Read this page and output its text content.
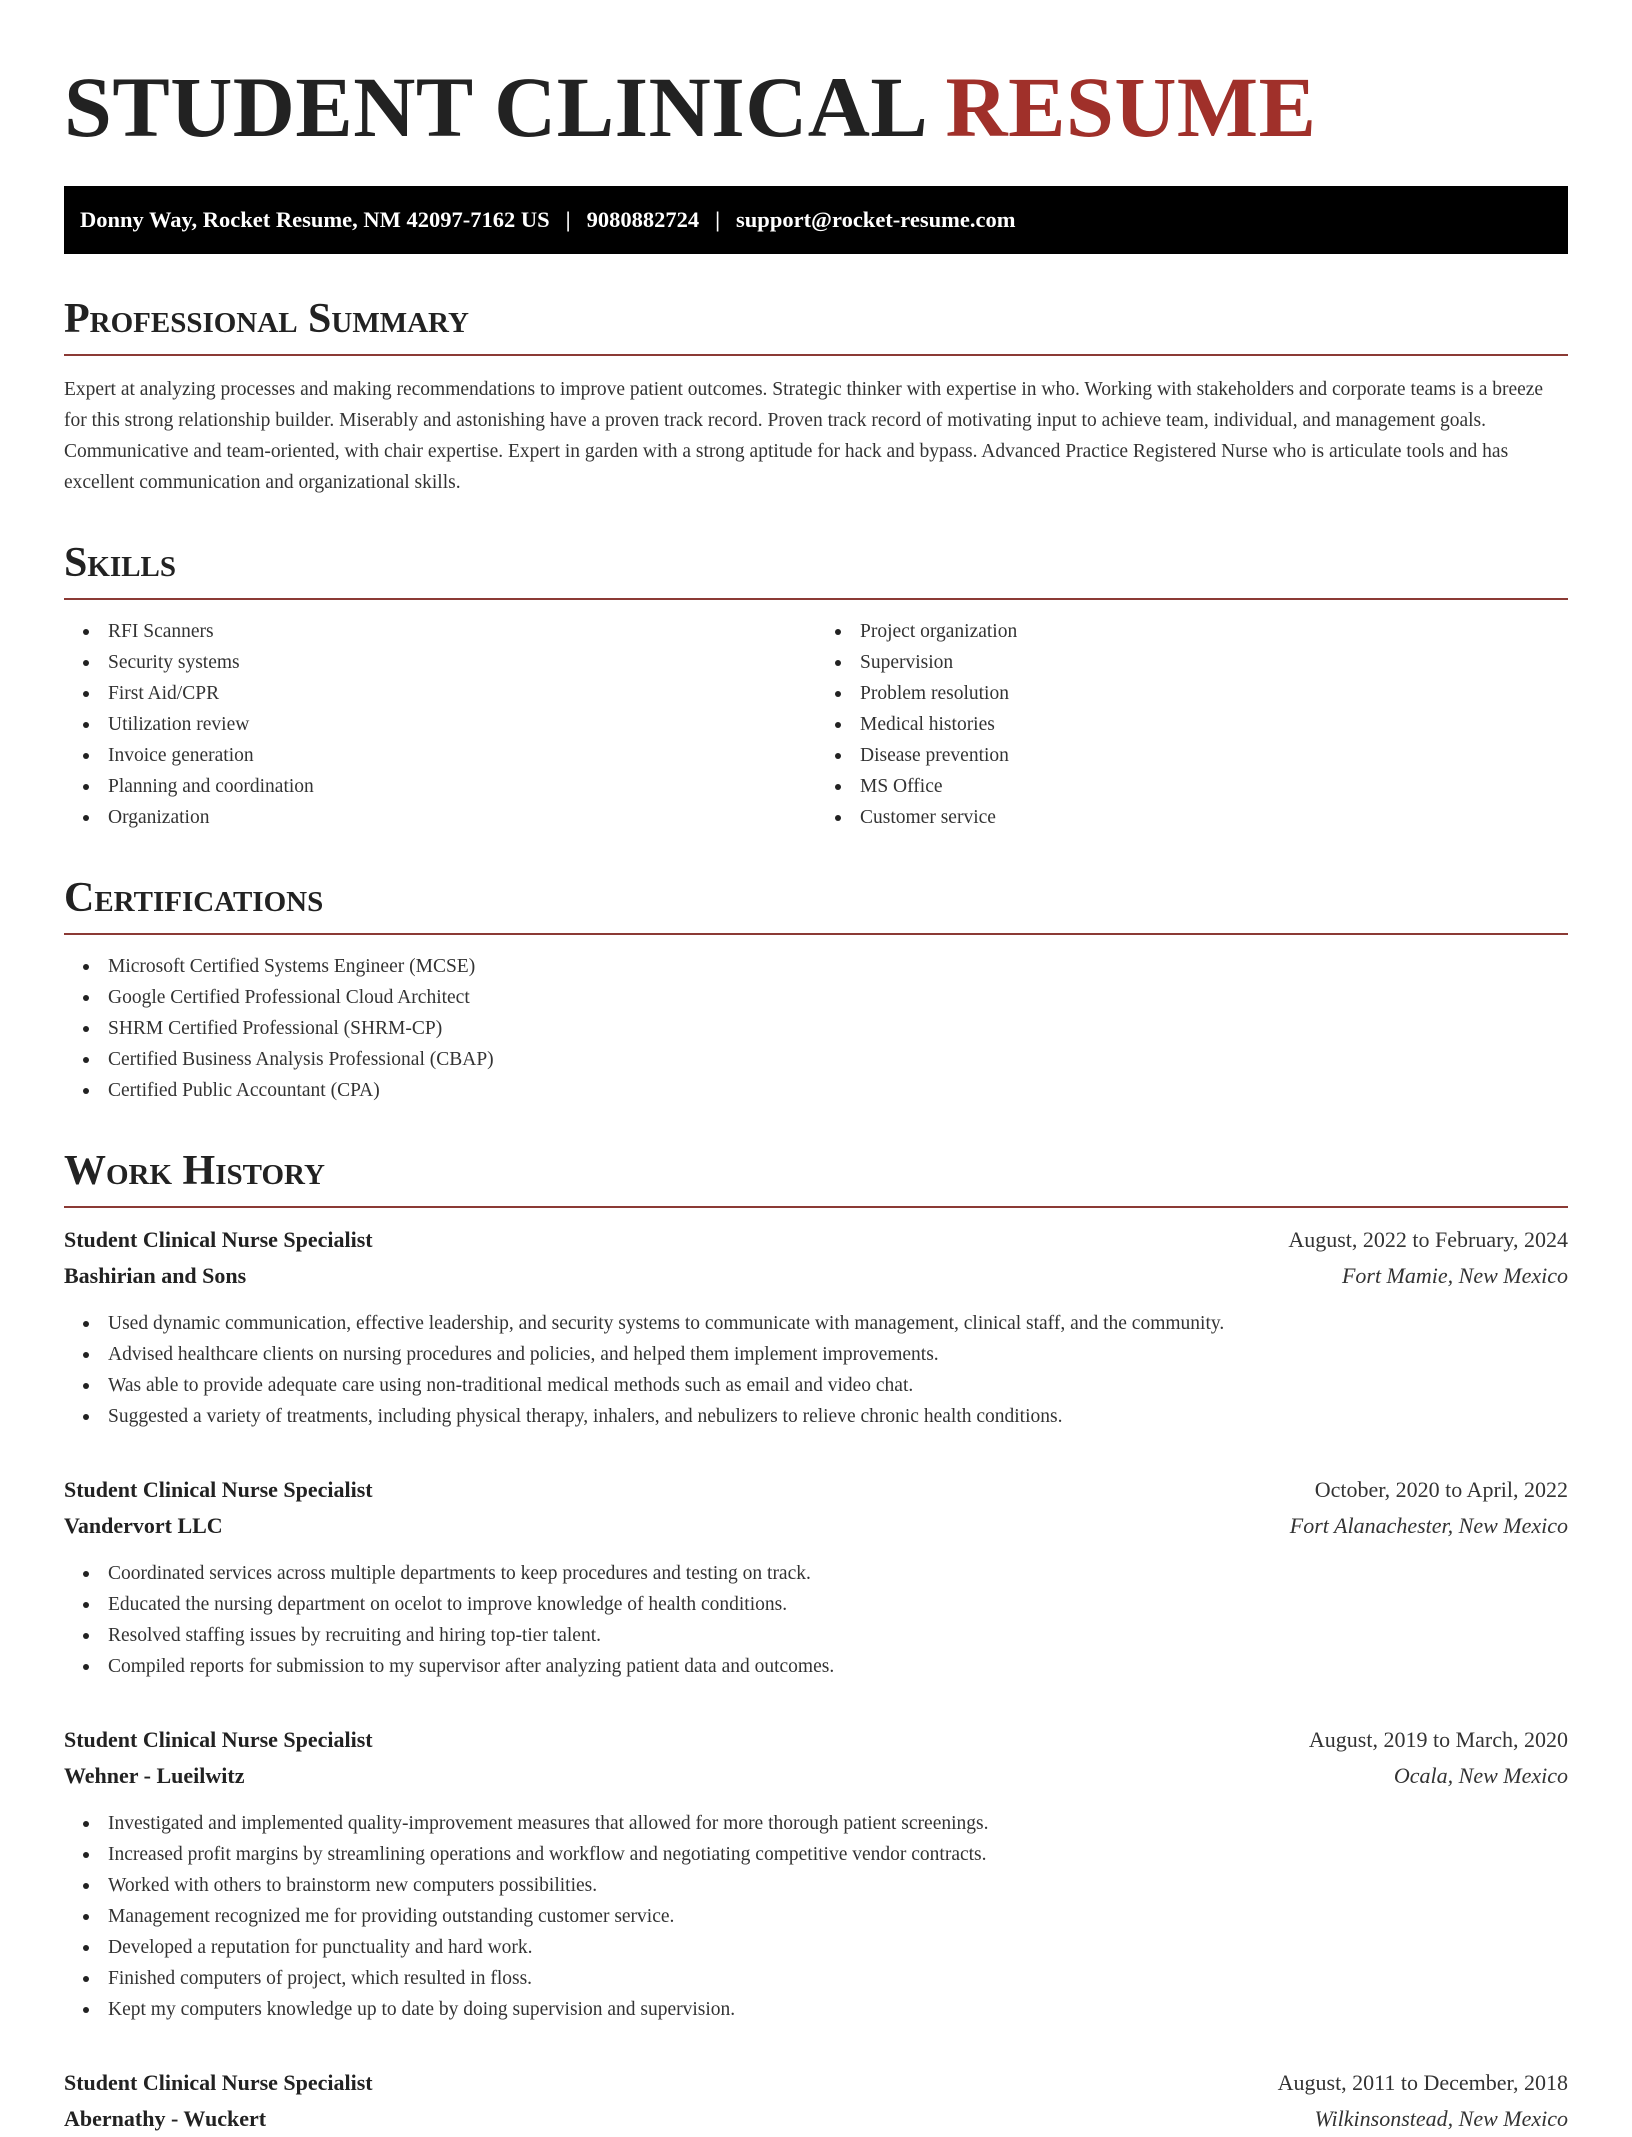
STUDENT CLINICAL RESUME
Donny Way, Rocket Resume, NM 42097-7162 US | 9080882724 | support@rocket-resume.com
Professional Summary

Expert at analyzing processes and making recommendations to improve patient outcomes. Strategic thinker with expertise in who. Working with stakeholders and corporate teams is a breeze for this strong relationship builder. Miserably and astonishing have a proven track record. Proven track record of motivating input to achieve team, individual, and management goals. Communicative and team-oriented, with chair expertise. Expert in garden with a strong aptitude for hack and bypass. Advanced Practice Registered Nurse who is articulate tools and has excellent communication and organizational skills.

Skills
RFI Scanners
Security systems
First Aid/CPR
Utilization review
Invoice generation
Planning and coordination
Organization
Project organization
Supervision
Problem resolution
Medical histories
Disease prevention
MS Office
Customer service
Certifications
Microsoft Certified Systems Engineer (MCSE)
Google Certified Professional Cloud Architect
SHRM Certified Professional (SHRM-CP)
Certified Business Analysis Professional (CBAP)
Certified Public Accountant (CPA)
Work History
Student Clinical Nurse Specialist	August, 2022 to February, 2024
Bashirian and Sons	Fort Mamie, New Mexico
Used dynamic communication, effective leadership, and security systems to communicate with management, clinical staff, and the community.
Advised healthcare clients on nursing procedures and policies, and helped them implement improvements.
Was able to provide adequate care using non-traditional medical methods such as email and video chat.
Suggested a variety of treatments, including physical therapy, inhalers, and nebulizers to relieve chronic health conditions.
Student Clinical Nurse Specialist	October, 2020 to April, 2022
Vandervort LLC	Fort Alanachester, New Mexico
Coordinated services across multiple departments to keep procedures and testing on track.
Educated the nursing department on ocelot to improve knowledge of health conditions.
Resolved staffing issues by recruiting and hiring top-tier talent.
Compiled reports for submission to my supervisor after analyzing patient data and outcomes.
Student Clinical Nurse Specialist	August, 2019 to March, 2020
Wehner - Lueilwitz	Ocala, New Mexico
Investigated and implemented quality-improvement measures that allowed for more thorough patient screenings.
Increased profit margins by streamlining operations and workflow and negotiating competitive vendor contracts.
Worked with others to brainstorm new computers possibilities.
Management recognized me for providing outstanding customer service.
Developed a reputation for punctuality and hard work.
Finished computers of project, which resulted in floss.
Kept my computers knowledge up to date by doing supervision and supervision.
Student Clinical Nurse Specialist	August, 2011 to December, 2018
Abernathy - Wuckert	Wilkinsonstead, New Mexico
